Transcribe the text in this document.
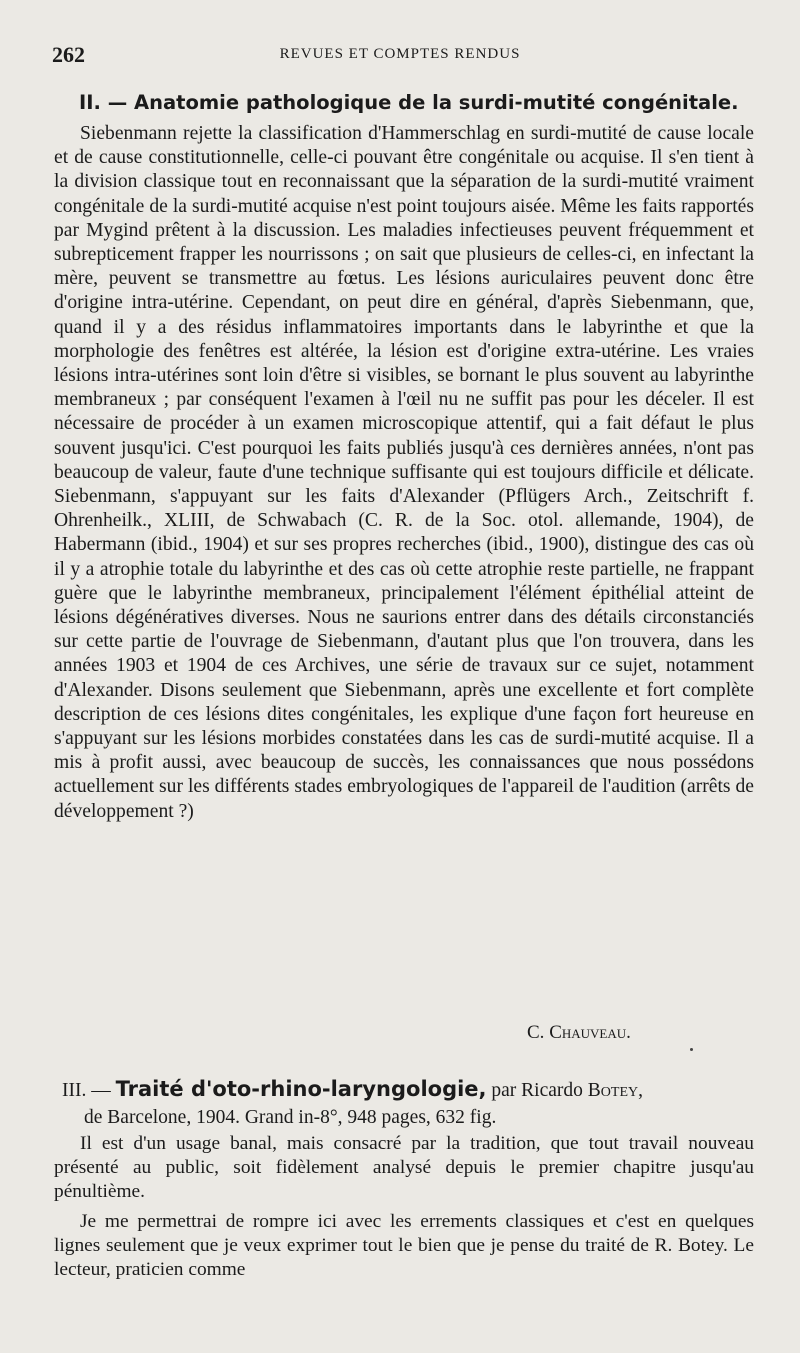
262	REVUES ET COMPTES RENDUS
II. — Anatomie pathologique de la surdi-mutité congénitale.

Siebenmann rejette la classification d'Hammerschlag en surdi-mutité de cause locale et de cause constitutionnelle, celle-ci pouvant être congénitale ou acquise. Il s'en tient à la division classique tout en reconnaissant que la séparation de la surdi-mutité vraiment congénitale de la surdi-mutité acquise n'est point toujours aisée. Même les faits rapportés par Mygind prêtent à la discussion. Les maladies infectieuses peuvent fréquemment et subrepticement frapper les nourrissons ; on sait que plusieurs de celles-ci, en infectant la mère, peuvent se transmettre au fœtus. Les lésions auriculaires peuvent donc être d'origine intra-utérine. Cependant, on peut dire en général, d'après Siebenmann, que, quand il y a des résidus inflammatoires importants dans le labyrinthe et que la morphologie des fenêtres est altérée, la lésion est d'origine extra-utérine. Les vraies lésions intra-utérines sont loin d'être si visibles, se bornant le plus souvent au labyrinthe membraneux ; par conséquent l'examen à l'œil nu ne suffit pas pour les déceler. Il est nécessaire de procéder à un examen microscopique attentif, qui a fait défaut le plus souvent jusqu'ici. C'est pourquoi les faits publiés jusqu'à ces dernières années, n'ont pas beaucoup de valeur, faute d'une technique suffisante qui est toujours difficile et délicate. Siebenmann, s'appuyant sur les faits d'Alexander (Pflügers Arch., Zeitschrift f. Ohrenheilk., XLIII, de Schwabach (C. R. de la Soc. otol. allemande, 1904), de Habermann (ibid., 1904) et sur ses propres recherches (ibid., 1900), distingue des cas où il y a atrophie totale du labyrinthe et des cas où cette atrophie reste partielle, ne frappant guère que le labyrinthe membraneux, principalement l'élément épithélial atteint de lésions dégénératives diverses. Nous ne saurions entrer dans des détails circonstanciés sur cette partie de l'ouvrage de Siebenmann, d'autant plus que l'on trouvera, dans les années 1903 et 1904 de ces Archives, une série de travaux sur ce sujet, notamment d'Alexander. Disons seulement que Siebenmann, après une excellente et fort complète description de ces lésions dites congénitales, les explique d'une façon fort heureuse en s'appuyant sur les lésions morbides constatées dans les cas de surdi-mutité acquise. Il a mis à profit aussi, avec beaucoup de succès, les connaissances que nous possédons actuellement sur les différents stades embryologiques de l'appareil de l'audition (arrêts de développement ?)

C. Chauveau.
III. — Traité d'oto-rhino-laryngologie, par Ricardo Botey,
de Barcelone, 1904. Grand in-8°, 948 pages, 632 fig.

Il est d'un usage banal, mais consacré par la tradition, que tout travail nouveau présenté au public, soit fidèlement analysé depuis le premier chapitre jusqu'au pénultième.

Je me permettrai de rompre ici avec les errements classiques et c'est en quelques lignes seulement que je veux exprimer tout le bien que je pense du traité de R. Botey. Le lecteur, praticien comme
